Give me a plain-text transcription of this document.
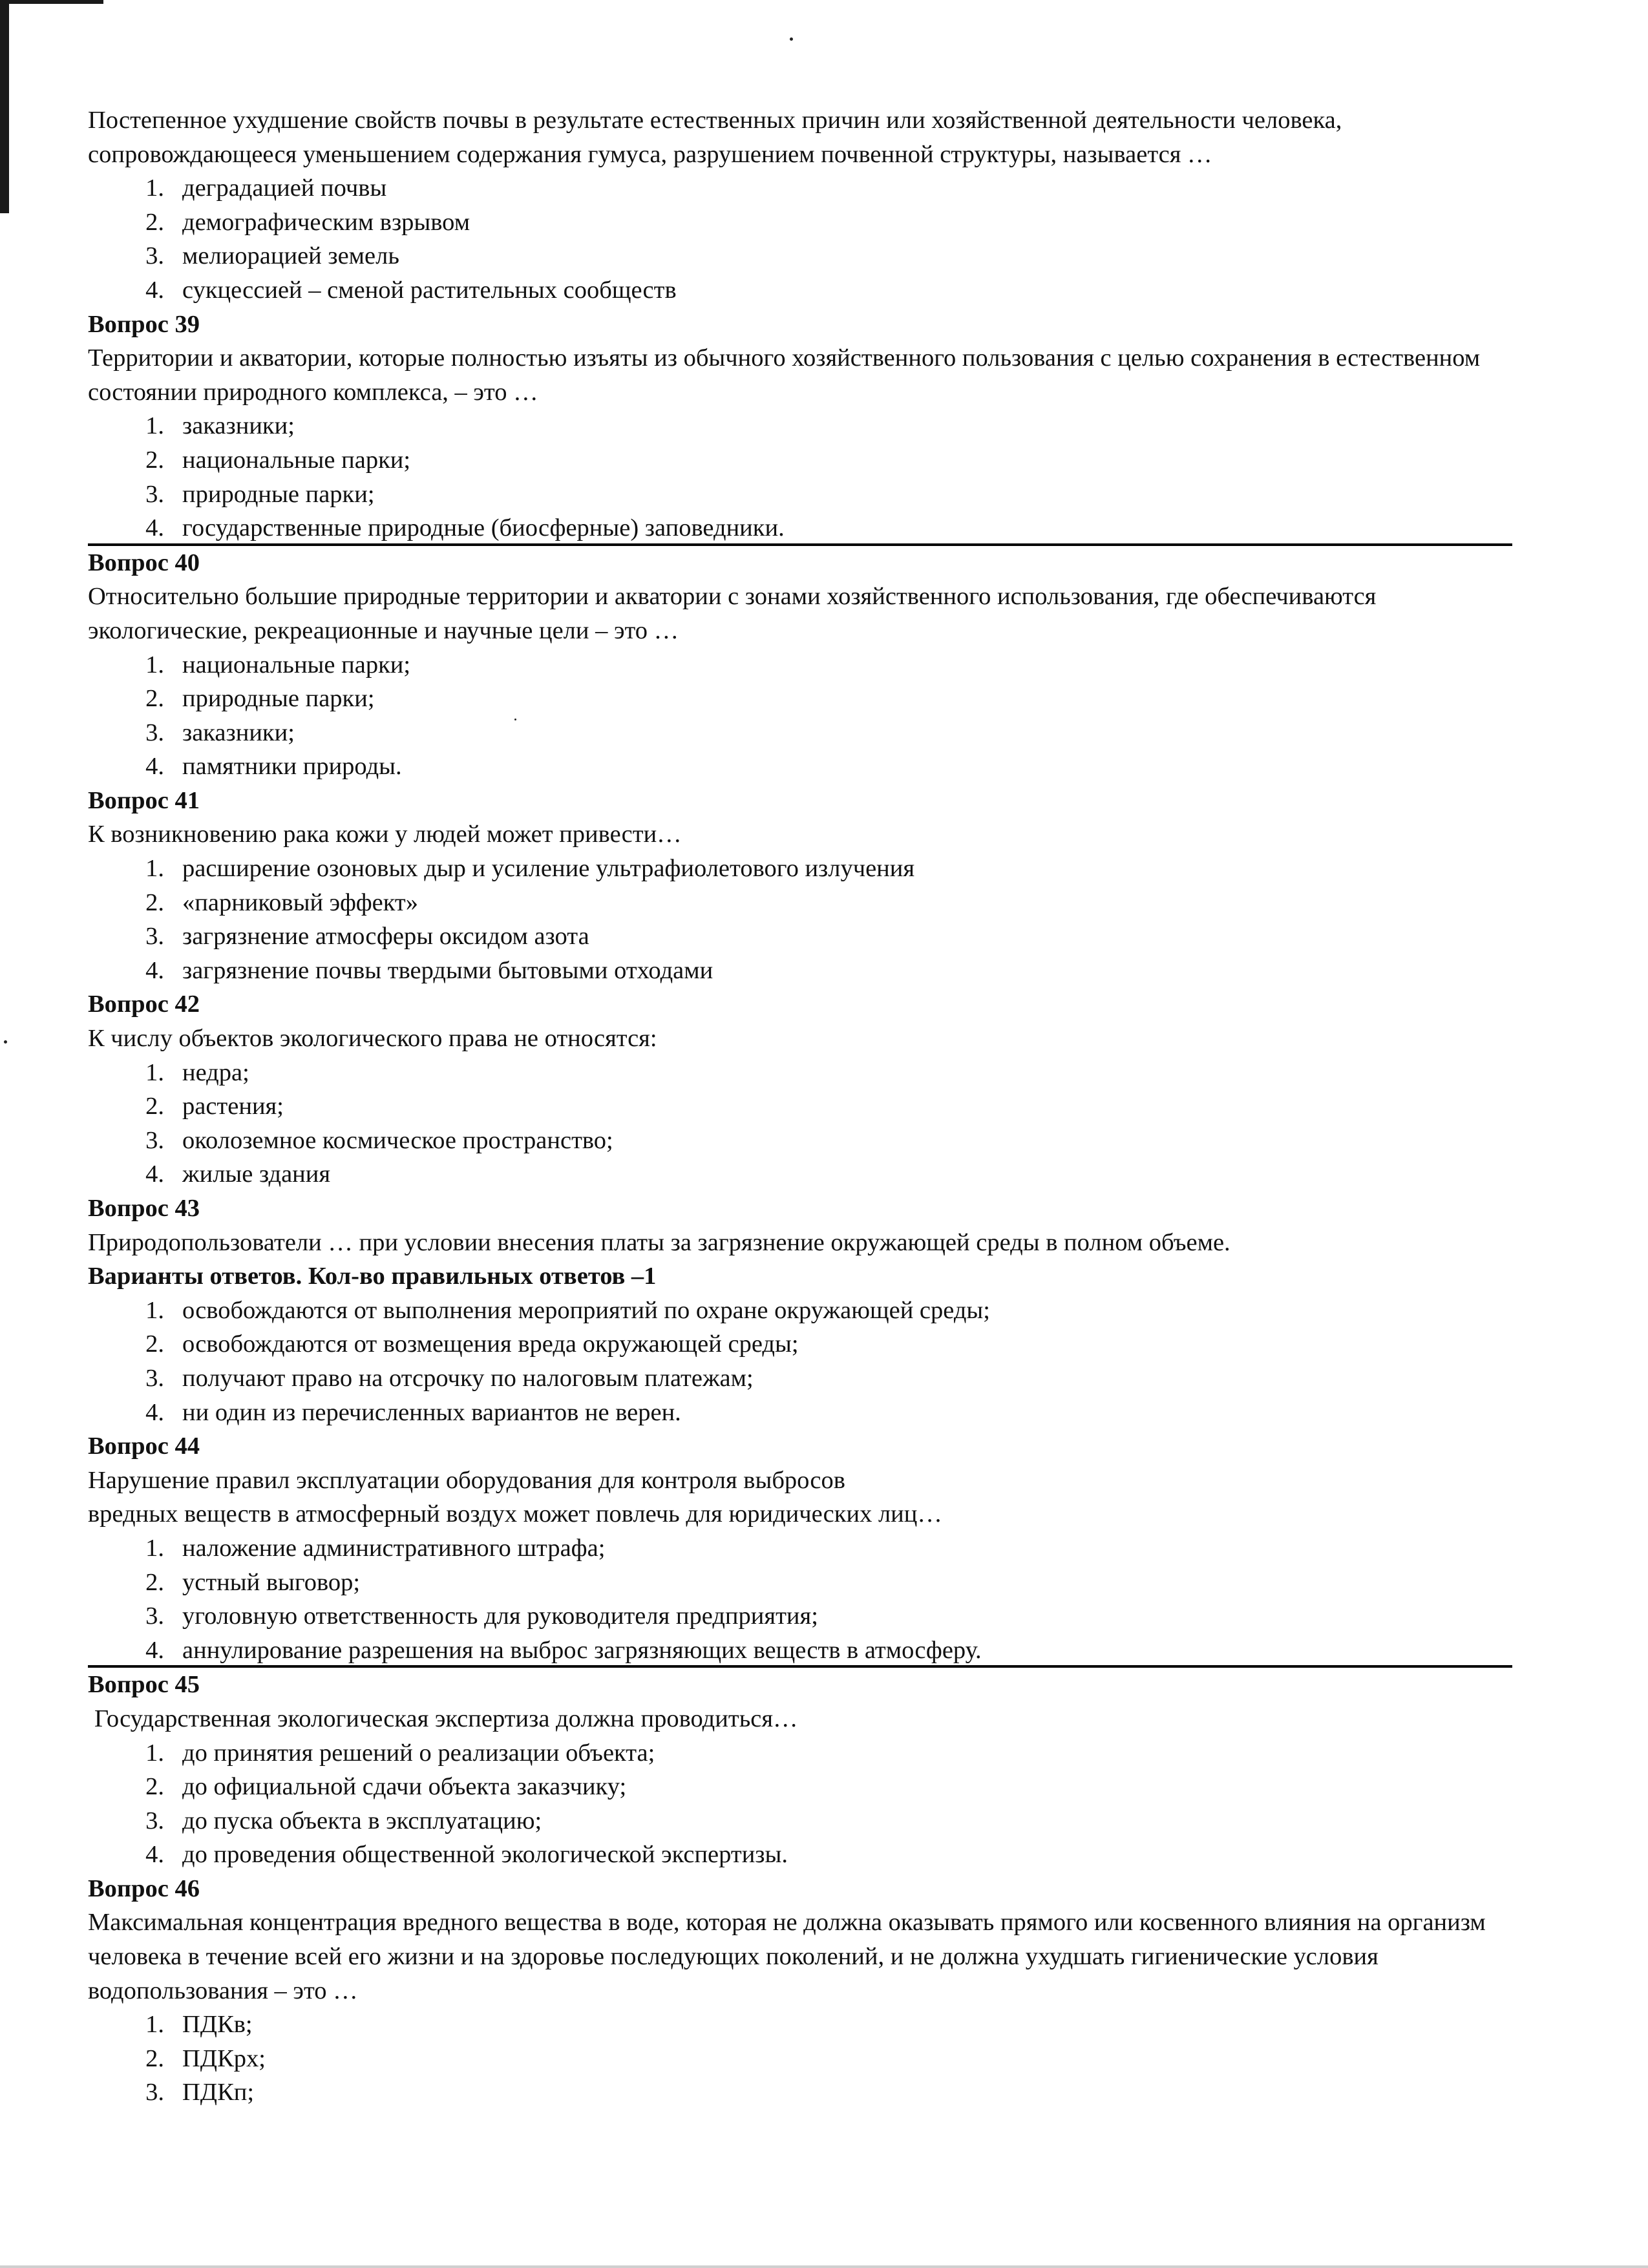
Постепенное ухудшение свойств почвы в результате естественных причин или хозяйственной деятельности человека, сопровождающееся уменьшением содержания гумуса, разрушением почвенной структуры, называется …
1. деградацией почвы
2. демографическим взрывом
3. мелиорацией земель
4. сукцессией – сменой растительных сообществ
Вопрос 39
Территории и акватории, которые полностью изъяты из обычного хозяйственного пользования с целью сохранения в естественном состоянии природного комплекса, – это …
1. заказники;
2. национальные парки;
3. природные парки;
4. государственные природные (биосферные) заповедники.
Вопрос 40
Относительно большие природные территории и акватории с зонами хозяйственного использования, где обеспечиваются экологические, рекреационные и научные цели – это …
1. национальные парки;
2. природные парки;
3. заказники;
4. памятники природы.
Вопрос 41
К возникновению рака кожи у людей может привести…
1. расширение озоновых дыр и усиление ультрафиолетового излучения
2. «парниковый эффект»
3. загрязнение атмосферы оксидом азота
4. загрязнение почвы твердыми бытовыми отходами
Вопрос 42
К числу объектов экологического права не относятся:
1. недра;
2. растения;
3. околоземное космическое пространство;
4. жилые здания
Вопрос 43
Природопользователи … при условии внесения платы за загрязнение окружающей среды в полном объеме.
Варианты ответов. Кол-во правильных ответов –1
1. освобождаются от выполнения мероприятий по охране окружающей среды;
2. освобождаются от возмещения вреда окружающей среды;
3. получают право на отсрочку по налоговым платежам;
4. ни один из перечисленных вариантов не верен.
Вопрос 44
Нарушение правил эксплуатации оборудования для контроля выбросов
вредных веществ в атмосферный воздух может повлечь для юридических лиц…
1. наложение административного штрафа;
2. устный выговор;
3. уголовную ответственность для руководителя предприятия;
4. аннулирование разрешения на выброс загрязняющих веществ в атмосферу.
Вопрос 45
Государственная экологическая экспертиза должна проводиться…
1. до принятия решений о реализации объекта;
2. до официальной сдачи объекта заказчику;
3. до пуска объекта в эксплуатацию;
4. до проведения общественной экологической экспертизы.
Вопрос 46
Максимальная концентрация вредного вещества в воде, которая не должна оказывать прямого или косвенного влияния на организм человека в течение всей его жизни и на здоровье последующих поколений, и не должна ухудшать гигиенические условия водопользования – это …
1. ПДКв;
2. ПДКрх;
3. ПДКп;
